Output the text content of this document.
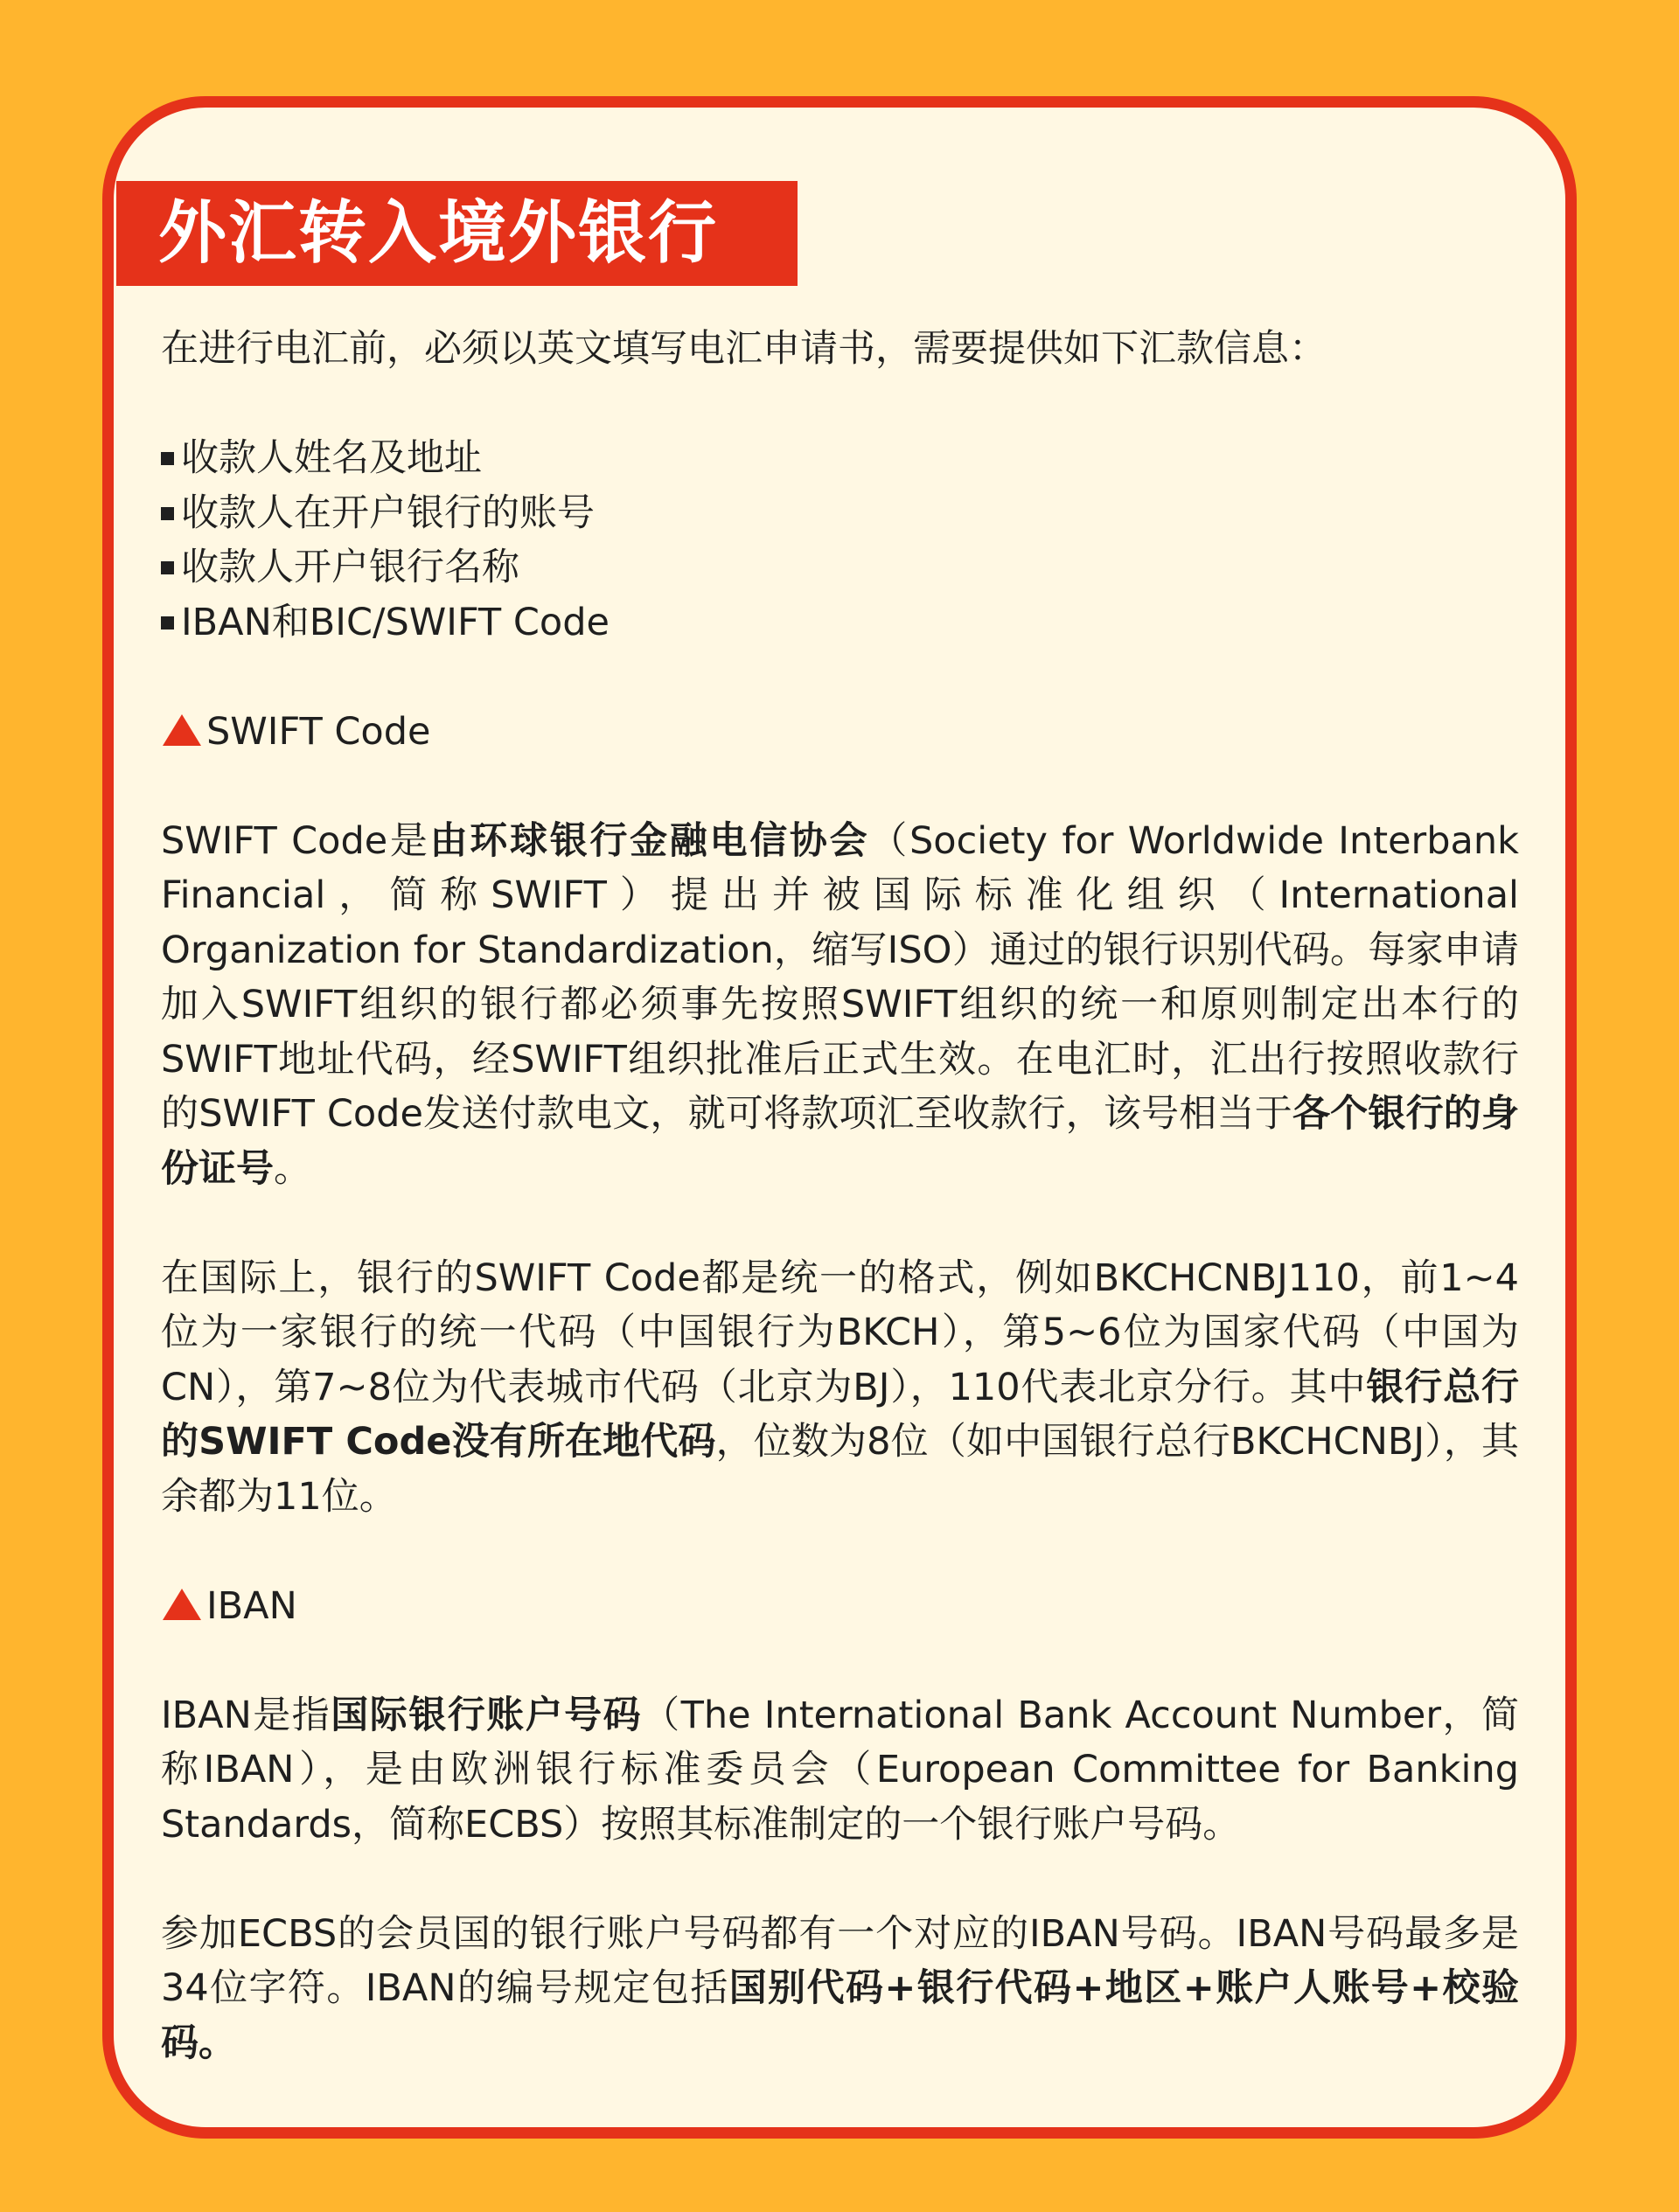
外汇转入境外银行

在进行电汇前，必须以英文填写电汇申请书，需要提供如下汇款信息：

收款人姓名及地址

收款人在开户银行的账号

收款人开户银行名称

IBAN和BIC/SWIFT Code

SWIFT Code

SWIFT Code是由环球银行金融电信协会（Society for Worldwide Interbank Financial，简称SWIFT）提出并被国际标准化组织（International Organization for Standardization，缩写ISO）通过的银行识别代码。每家申请加入SWIFT组织的银行都必须事先按照SWIFT组织的统一和原则制定出本行的SWIFT地址代码，经SWIFT组织批准后正式生效。在电汇时，汇出行按照收款行的SWIFT Code发送付款电文，就可将款项汇至收款行，该号相当于各个银行的身份证号。

在国际上，银行的SWIFT Code都是统一的格式，例如BKCHCNBJ110，前1~4位为一家银行的统一代码（中国银行为BKCH），第5~6位为国家代码（中国为CN），第7~8位为代表城市代码（北京为BJ），110代表北京分行。其中银行总行的SWIFT Code没有所在地代码，位数为8位（如中国银行总行BKCHCNBJ），其余都为11位。

IBAN

IBAN是指国际银行账户号码（The International Bank Account Number，简称IBAN），是由欧洲银行标准委员会（European Committee for Banking Standards，简称ECBS）按照其标准制定的一个银行账户号码。

参加ECBS的会员国的银行账户号码都有一个对应的IBAN号码。IBAN号码最多是34位字符。IBAN的编号规定包括国别代码+银行代码+地区+账户人账号+校验码。
